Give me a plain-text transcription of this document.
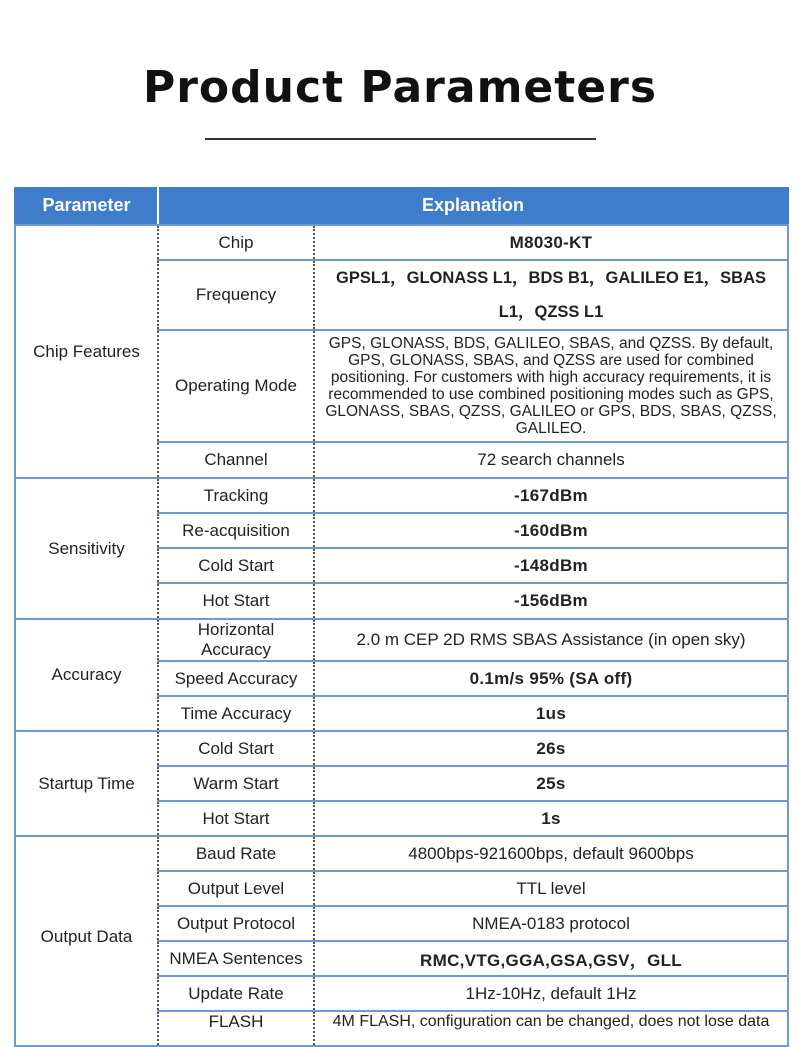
Product Parameters
Parameter	Explanation	
Chip Features	Chip	M8030-KT
	Frequency	GPSL1，GLONASS L1，BDS B1，GALILEO E1，SBAS L1，QZSS L1
	Operating Mode	GPS, GLONASS, BDS, GALILEO, SBAS, and QZSS. By default, GPS, GLONASS, SBAS, and QZSS are used for combined positioning. For customers with high accuracy requirements, it is recommended to use combined positioning modes such as GPS, GLONASS, SBAS, QZSS, GALILEO or GPS, BDS, SBAS, QZSS, GALILEO.
	Channel	72 search channels
Sensitivity	Tracking	-167dBm
	Re-acquisition	-160dBm
	Cold Start	-148dBm
	Hot Start	-156dBm
Accuracy	Horizontal Accuracy	2.0 m CEP 2D RMS SBAS Assistance (in open sky)
	Speed Accuracy	0.1m/s 95% (SA off)
	Time Accuracy	1us
Startup Time	Cold Start	26s
	Warm Start	25s
	Hot Start	1s
Output Data	Baud Rate	4800bps-921600bps, default 9600bps
	Output Level	TTL level
	Output Protocol	NMEA-0183 protocol
	NMEA Sentences	RMC,VTG,GGA,GSA,GSV，GLL
	Update Rate	1Hz-10Hz, default 1Hz
	FLASH	4M FLASH, configuration can be changed, does not lose data
